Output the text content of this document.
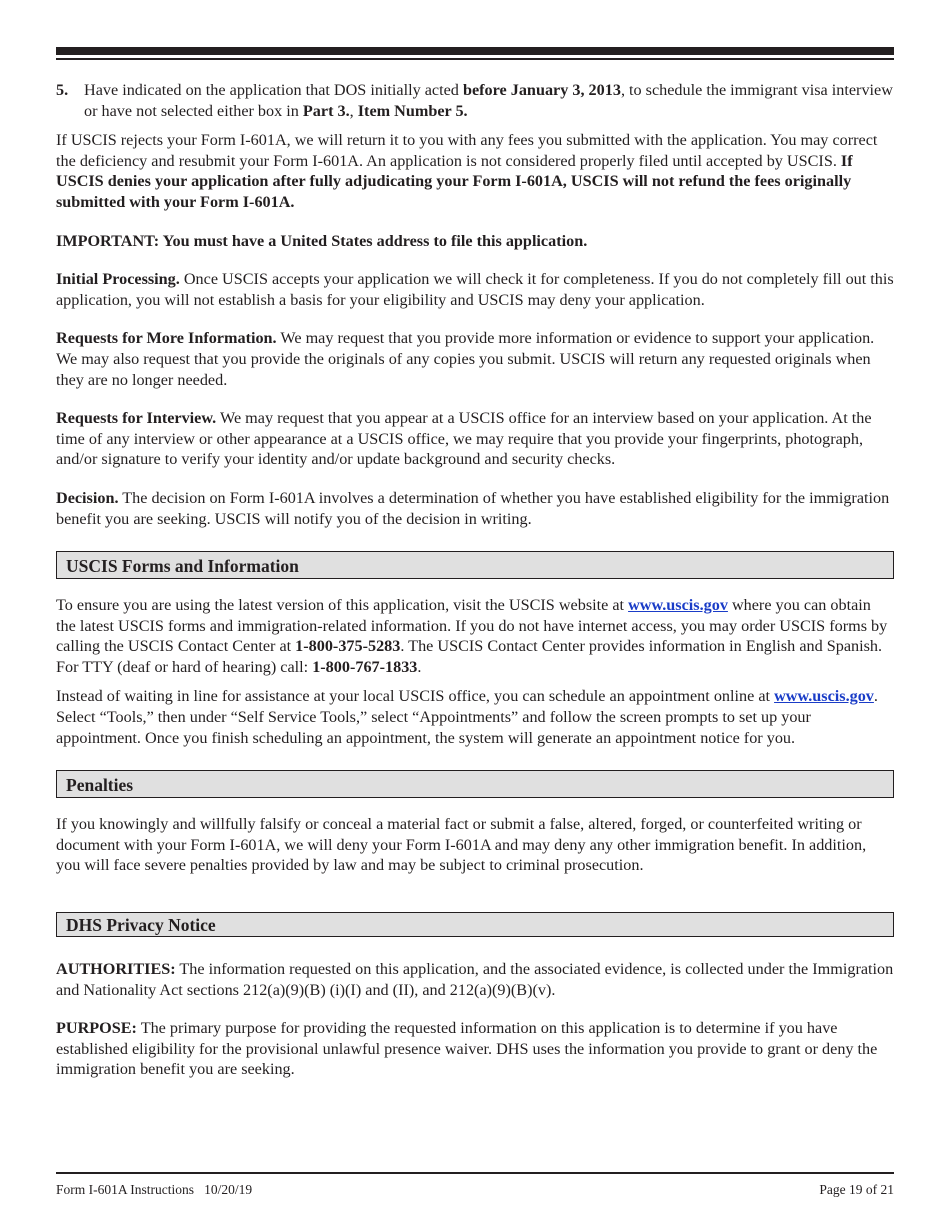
5. Have indicated on the application that DOS initially acted before January 3, 2013, to schedule the immigrant visa interview or have not selected either box in Part 3., Item Number 5.

If USCIS rejects your Form I-601A, we will return it to you with any fees you submitted with the application. You may correct the deficiency and resubmit your Form I-601A. An application is not considered properly filed until accepted by USCIS. If USCIS denies your application after fully adjudicating your Form I-601A, USCIS will not refund the fees originally submitted with your Form I-601A.

IMPORTANT: You must have a United States address to file this application.

Initial Processing. Once USCIS accepts your application we will check it for completeness. If you do not completely fill out this application, you will not establish a basis for your eligibility and USCIS may deny your application.

Requests for More Information. We may request that you provide more information or evidence to support your application. We may also request that you provide the originals of any copies you submit. USCIS will return any requested originals when they are no longer needed.

Requests for Interview. We may request that you appear at a USCIS office for an interview based on your application. At the time of any interview or other appearance at a USCIS office, we may require that you provide your fingerprints, photograph, and/or signature to verify your identity and/or update background and security checks.

Decision. The decision on Form I-601A involves a determination of whether you have established eligibility for the immigration benefit you are seeking. USCIS will notify you of the decision in writing.

USCIS Forms and Information

To ensure you are using the latest version of this application, visit the USCIS website at www.uscis.gov where you can obtain the latest USCIS forms and immigration-related information. If you do not have internet access, you may order USCIS forms by calling the USCIS Contact Center at 1-800-375-5283. The USCIS Contact Center provides information in English and Spanish. For TTY (deaf or hard of hearing) call: 1-800-767-1833.

Instead of waiting in line for assistance at your local USCIS office, you can schedule an appointment online at www.uscis.gov. Select “Tools,” then under “Self Service Tools,” select “Appointments” and follow the screen prompts to set up your appointment. Once you finish scheduling an appointment, the system will generate an appointment notice for you.

Penalties

If you knowingly and willfully falsify or conceal a material fact or submit a false, altered, forged, or counterfeited writing or document with your Form I-601A, we will deny your Form I-601A and may deny any other immigration benefit. In addition, you will face severe penalties provided by law and may be subject to criminal prosecution.

DHS Privacy Notice

AUTHORITIES: The information requested on this application, and the associated evidence, is collected under the Immigration and Nationality Act sections 212(a)(9)(B) (i)(I) and (II), and 212(a)(9)(B)(v).

PURPOSE: The primary purpose for providing the requested information on this application is to determine if you have established eligibility for the provisional unlawful presence waiver. DHS uses the information you provide to grant or deny the immigration benefit you are seeking.

Form I-601A Instructions   10/20/19	Page 19 of 21
